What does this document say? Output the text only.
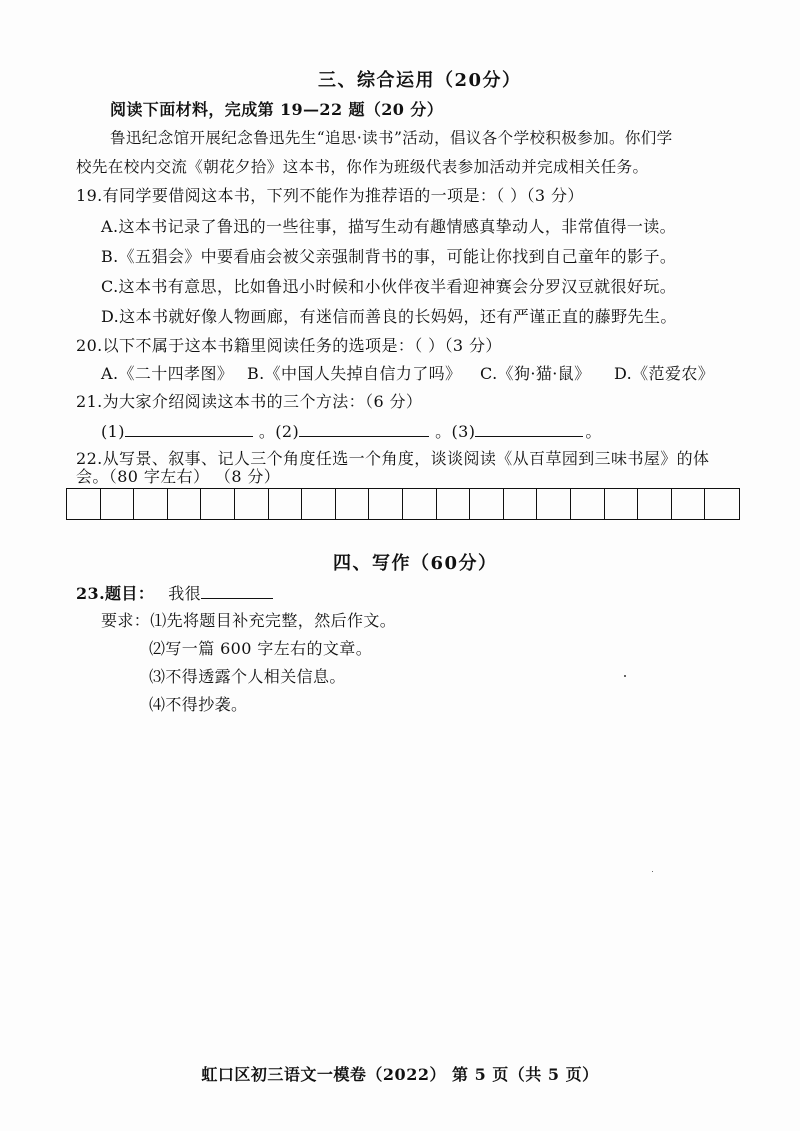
三、综合运用（20分）
阅读下面材料，完成第 19—22 题（20 分）
鲁迅纪念馆开展纪念鲁迅先生“追思·读书”活动，倡议各个学校积极参加。你们学
校先在校内交流《朝花夕拾》这本书，你作为班级代表参加活动并完成相关任务。
19.有同学要借阅这本书，下列不能作为推荐语的一项是：（ ）（3 分）
A.这本书记录了鲁迅的一些往事，描写生动有趣情感真挚动人，非常值得一读。
B.《五猖会》中要看庙会被父亲强制背书的事，可能让你找到自己童年的影子。
C.这本书有意思，比如鲁迅小时候和小伙伴夜半看迎神赛会分罗汉豆就很好玩。
D.这本书就好像人物画廊，有迷信而善良的长妈妈，还有严谨正直的藤野先生。
20.以下不属于这本书籍里阅读任务的选项是：（ ）（3 分）
A.《二十四孝图》 B.《中国人失掉自信力了吗》 C.《狗·猫·鼠》 D.《范爱农》
21.为大家介绍阅读这本书的三个方法：（6 分）
(1)	。(2)	。(3)	。
22.从写景、叙事、记人三个角度任选一个角度，谈谈阅读《从百草园到三味书屋》的体
会。（80 字左右） （8 分）
四、写作（60分）
23.题目： 我很
要求：⑴先将题目补充完整，然后作文。
⑵写一篇 600 字左右的文章。
⑶不得透露个人相关信息。
⑷不得抄袭。
虹口区初三语文一模卷（2022） 第 5 页（共 5 页）
